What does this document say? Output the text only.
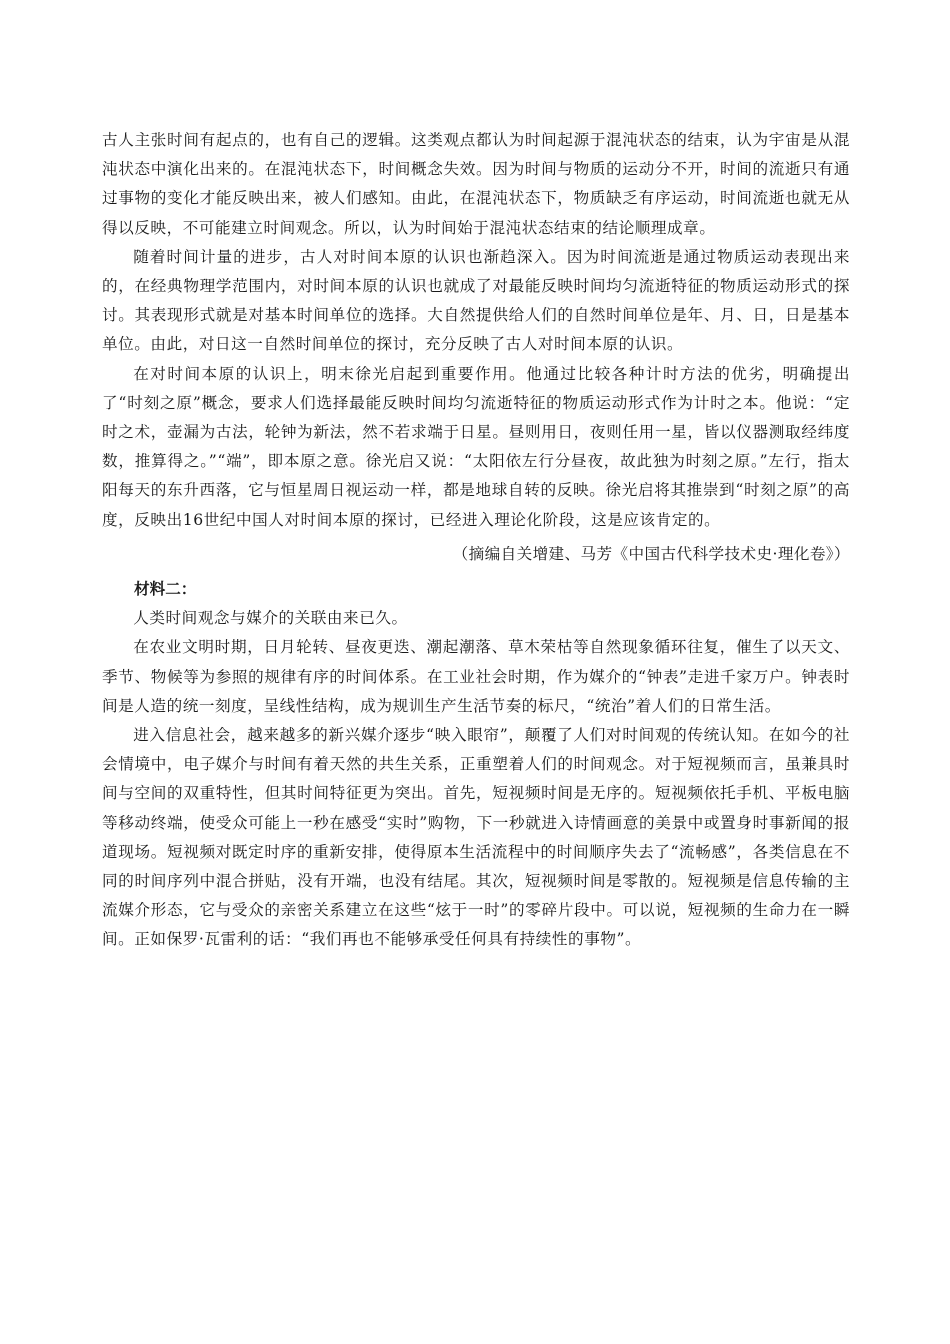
古人主张时间有起点的，也有自己的逻辑。这类观点都认为时间起源于混沌状态的结束，认为宇宙是从混沌状态中演化出来的。在混沌状态下，时间概念失效。因为时间与物质的运动分不开，时间的流逝只有通过事物的变化才能反映出来，被人们感知。由此，在混沌状态下，物质缺乏有序运动，时间流逝也就无从得以反映，不可能建立时间观念。所以，认为时间始于混沌状态结束的结论顺理成章。

随着时间计量的进步，古人对时间本原的认识也渐趋深入。因为时间流逝是通过物质运动表现出来的，在经典物理学范围内，对时间本原的认识也就成了对最能反映时间均匀流逝特征的物质运动形式的探讨。其表现形式就是对基本时间单位的选择。大自然提供给人们的自然时间单位是年、月、日，日是基本单位。由此，对日这一自然时间单位的探讨，充分反映了古人对时间本原的认识。

在对时间本原的认识上，明末徐光启起到重要作用。他通过比较各种计时方法的优劣，明确提出了“时刻之原”概念，要求人们选择最能反映时间均匀流逝特征的物质运动形式作为计时之本。他说：“定时之术，壶漏为古法，轮钟为新法，然不若求端于日星。昼则用日，夜则任用一星，皆以仪器测取经纬度数，推算得之。”“端”，即本原之意。徐光启又说：“太阳依左行分昼夜，故此独为时刻之原。”左行，指太阳每天的东升西落，它与恒星周日视运动一样，都是地球自转的反映。徐光启将其推崇到“时刻之原”的高度，反映出16世纪中国人对时间本原的探讨，已经进入理论化阶段，这是应该肯定的。

（摘编自关增建、马芳《中国古代科学技术史·理化卷》）

材料二：

人类时间观念与媒介的关联由来已久。

在农业文明时期，日月轮转、昼夜更迭、潮起潮落、草木荣枯等自然现象循环往复，催生了以天文、季节、物候等为参照的规律有序的时间体系。在工业社会时期，作为媒介的“钟表”走进千家万户。钟表时间是人造的统一刻度，呈线性结构，成为规训生产生活节奏的标尺，“统治”着人们的日常生活。

进入信息社会，越来越多的新兴媒介逐步“映入眼帘”，颠覆了人们对时间观的传统认知。在如今的社会情境中，电子媒介与时间有着天然的共生关系，正重塑着人们的时间观念。对于短视频而言，虽兼具时间与空间的双重特性，但其时间特征更为突出。首先，短视频时间是无序的。短视频依托手机、平板电脑等移动终端，使受众可能上一秒在感受“实时”购物，下一秒就进入诗情画意的美景中或置身时事新闻的报道现场。短视频对既定时序的重新安排，使得原本生活流程中的时间顺序失去了“流畅感”，各类信息在不同的时间序列中混合拼贴，没有开端，也没有结尾。其次，短视频时间是零散的。短视频是信息传输的主流媒介形态，它与受众的亲密关系建立在这些“炫于一时”的零碎片段中。可以说，短视频的生命力在一瞬间。正如保罗·瓦雷利的话：“我们再也不能够承受任何具有持续性的事物”。
